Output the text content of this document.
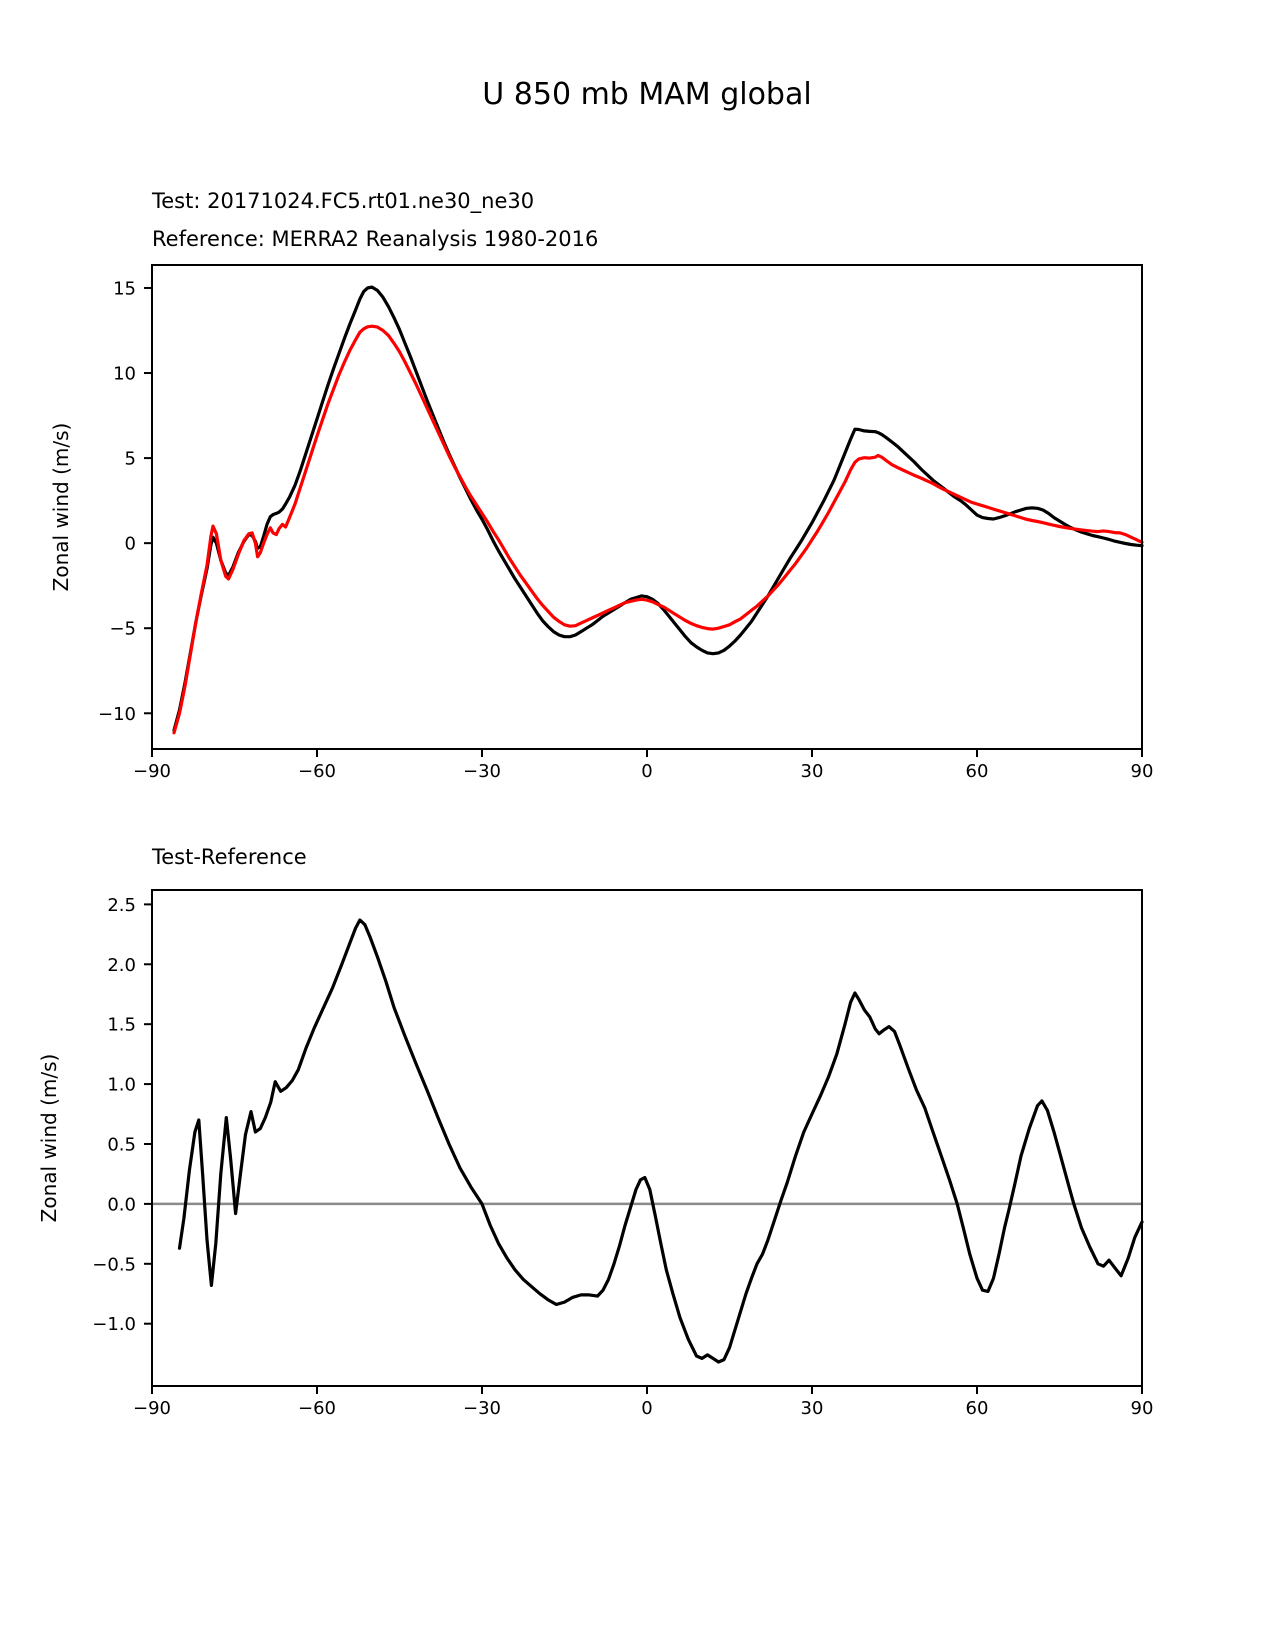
U 850 mb MAM global
Test: 20171024.FC5.rt01.ne30_ne30
Reference: MERRA2 Reanalysis 1980-2016
Zonal wind (m/s)
−90	−60	−30	0	30	60	90
15
10
5
0
−5
−10
Test-Reference
Zonal wind (m/s)
−90	−60	−30	0	30	60	90
2.5
2.0
1.5
1.0
0.5
0.0
−0.5
−1.0
